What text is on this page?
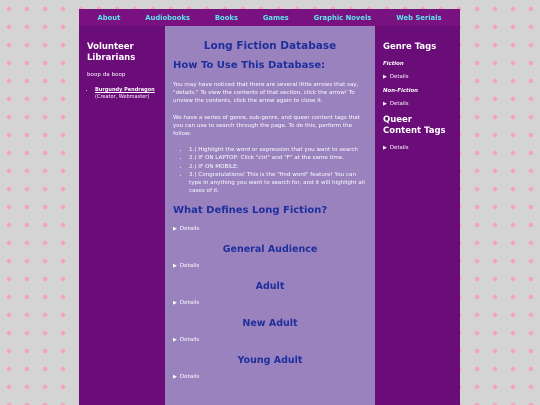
About	Audiobooks	Books	Games	Graphic Novels	Web Serials
Volunteer Librarians
boop da boop
• Burgundy Pendragon
(Creator, Webmaster)
Long Fiction Database
How To Use This Database:

You may have noticed that there are several little arrows that say, "details." To view the contents of that section, click the arrow! To unview the contents, click the arrow again to close it.

We have a series of genre, sub-genre, and queer content tags that you can use to search through the page. To do this, perform the follow:

• 1.) Highlight the word or expression that you want to search
• 2.) IF ON LAPTOP: Click "ctrl" and "F" at the same time.
• 2.) IF ON MOBILE:
• 3.) Congratulations! This is the "find word" feature! You can type in anything you want to search for, and it will highlight all cases of it.
What Defines Long Fiction?
▶ Details
General Audience
▶ Details
Adult
▶ Details
New Adult
▶ Details
Young Adult
▶ Details
Genre Tags
Fiction
▶ Details
Non-Fiction
▶ Details
Queer Content Tags
▶ Details
